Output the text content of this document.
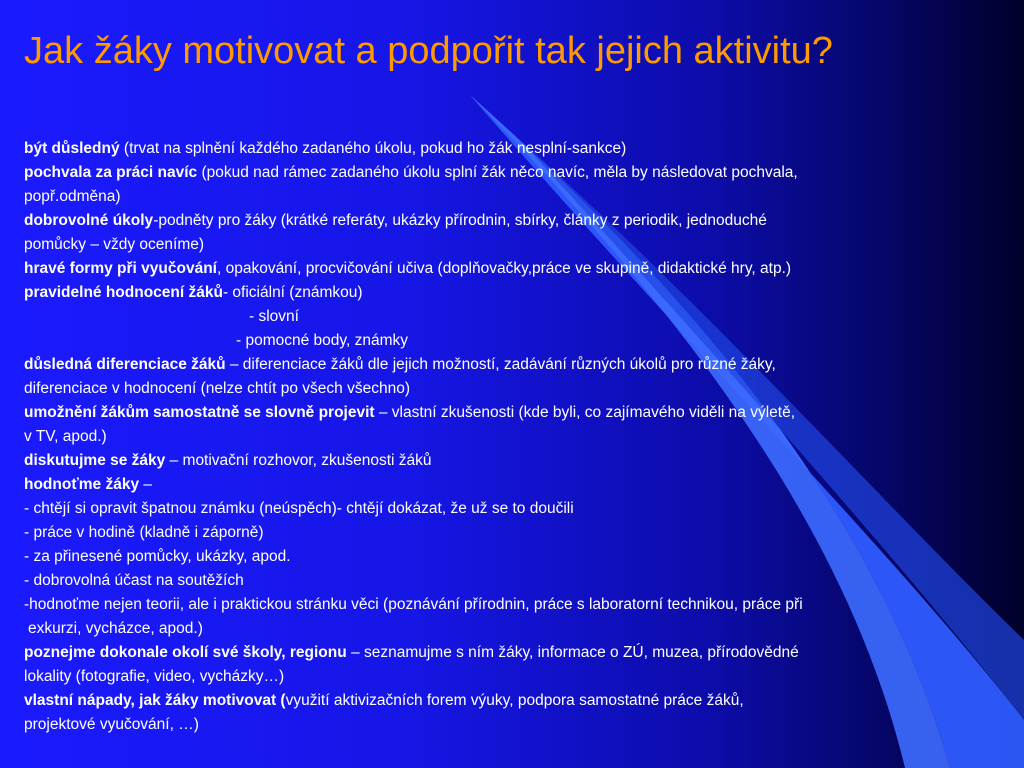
Jak žáky motivovat a podpořit tak jejich aktivitu?
být důsledný (trvat na splnění každého zadaného úkolu, pokud ho žák nesplní-sankce)
pochvala za práci navíc (pokud nad rámec zadaného úkolu splní žák něco navíc, měla by následovat pochvala,
popř.odměna)
dobrovolné úkoly-podněty pro žáky (krátké referáty, ukázky přírodnin, sbírky, články z periodik, jednoduché
pomůcky – vždy oceníme)
hravé formy při vyučování, opakování, procvičování učiva (doplňovačky,práce ve skupině, didaktické hry, atp.)
pravidelné hodnocení žáků- oficiální (známkou)
- slovní
- pomocné body, známky
důsledná diferenciace žáků – diferenciace žáků dle jejich možností, zadávání různých úkolů pro různé žáky,
diferenciace v hodnocení (nelze chtít po všech všechno)
umožnění žákům samostatně se slovně projevit – vlastní zkušenosti (kde byli, co zajímavého viděli na výletě,
v TV, apod.)
diskutujme se žáky – motivační rozhovor, zkušenosti žáků
hodnoťme žáky –
- chtějí si opravit špatnou známku (neúspěch)- chtějí dokázat, že už se to doučili
- práce v hodině (kladně i záporně)
- za přinesené pomůcky, ukázky, apod.
- dobrovolná účast na soutěžích
-hodnoťme nejen teorii, ale i praktickou stránku věci (poznávání přírodnin, práce s laboratorní technikou, práce při
exkurzi, vycházce, apod.)
poznejme dokonale okolí své školy, regionu – seznamujme s ním žáky, informace o ZÚ, muzea, přírodovědné
lokality (fotografie, video, vycházky…)
vlastní nápady, jak žáky motivovat (využití aktivizačních forem výuky, podpora samostatné práce žáků,
projektové vyučování, …)
